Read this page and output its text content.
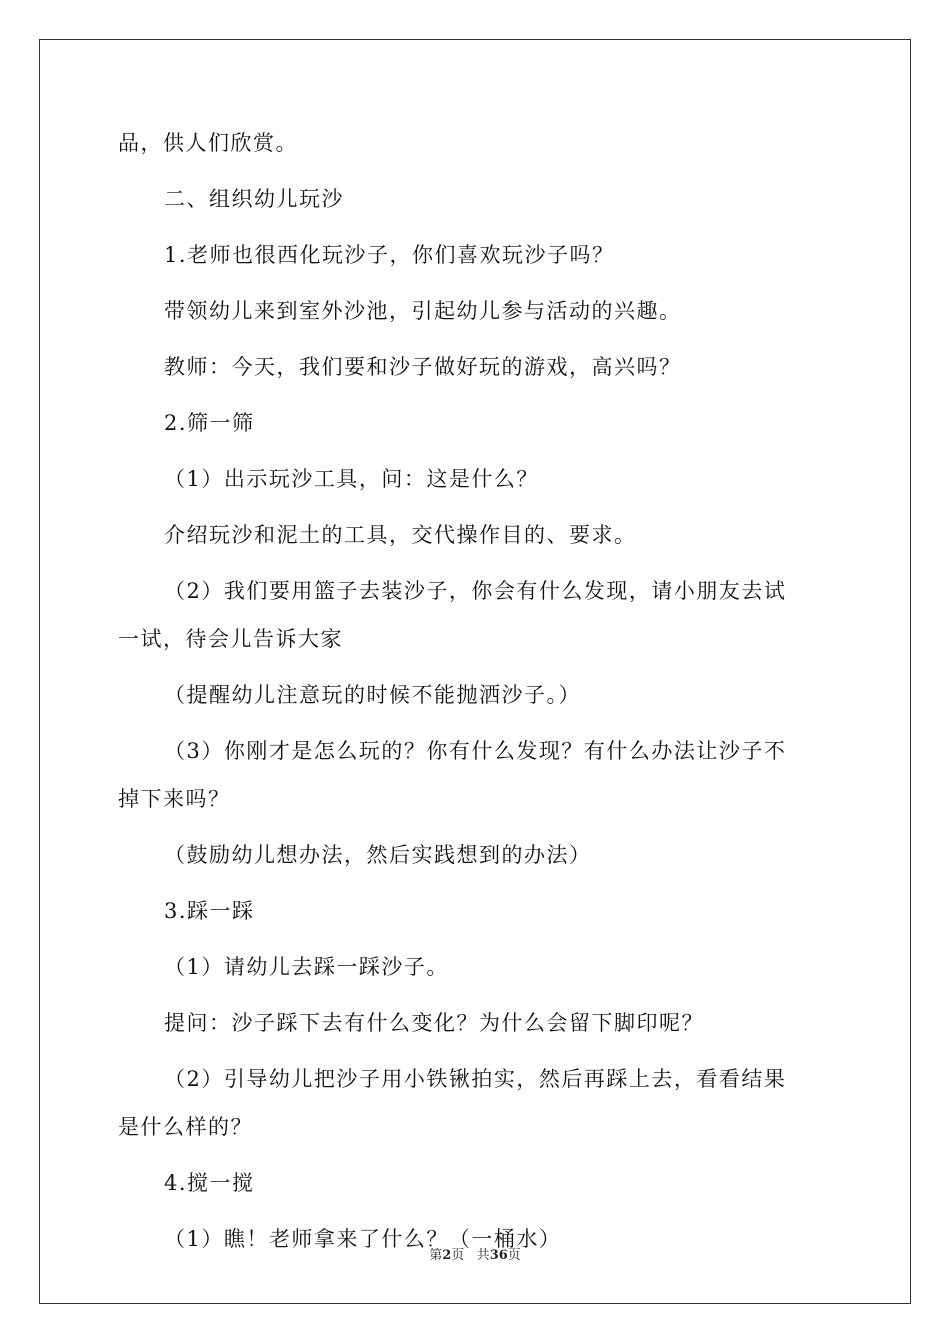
品，供人们欣赏。
二、组织幼儿玩沙
1.老师也很西化玩沙子，你们喜欢玩沙子吗？
带领幼儿来到室外沙池，引起幼儿参与活动的兴趣。
教师：今天，我们要和沙子做好玩的游戏，高兴吗？
2.筛一筛
（1）出示玩沙工具，问：这是什么？
介绍玩沙和泥土的工具，交代操作目的、要求。
（2）我们要用篮子去装沙子，你会有什么发现，请小朋友去试
一试，待会儿告诉大家
（提醒幼儿注意玩的时候不能抛洒沙子。）
（3）你刚才是怎么玩的？你有什么发现？有什么办法让沙子不
掉下来吗？
（鼓励幼儿想办法，然后实践想到的办法）
3.踩一踩
（1）请幼儿去踩一踩沙子。
提问：沙子踩下去有什么变化？为什么会留下脚印呢？
（2）引导幼儿把沙子用小铁锹拍实，然后再踩上去，看看结果
是什么样的？
4.搅一搅
（1）瞧！老师拿来了什么？（一桶水）
第2页 共36页
